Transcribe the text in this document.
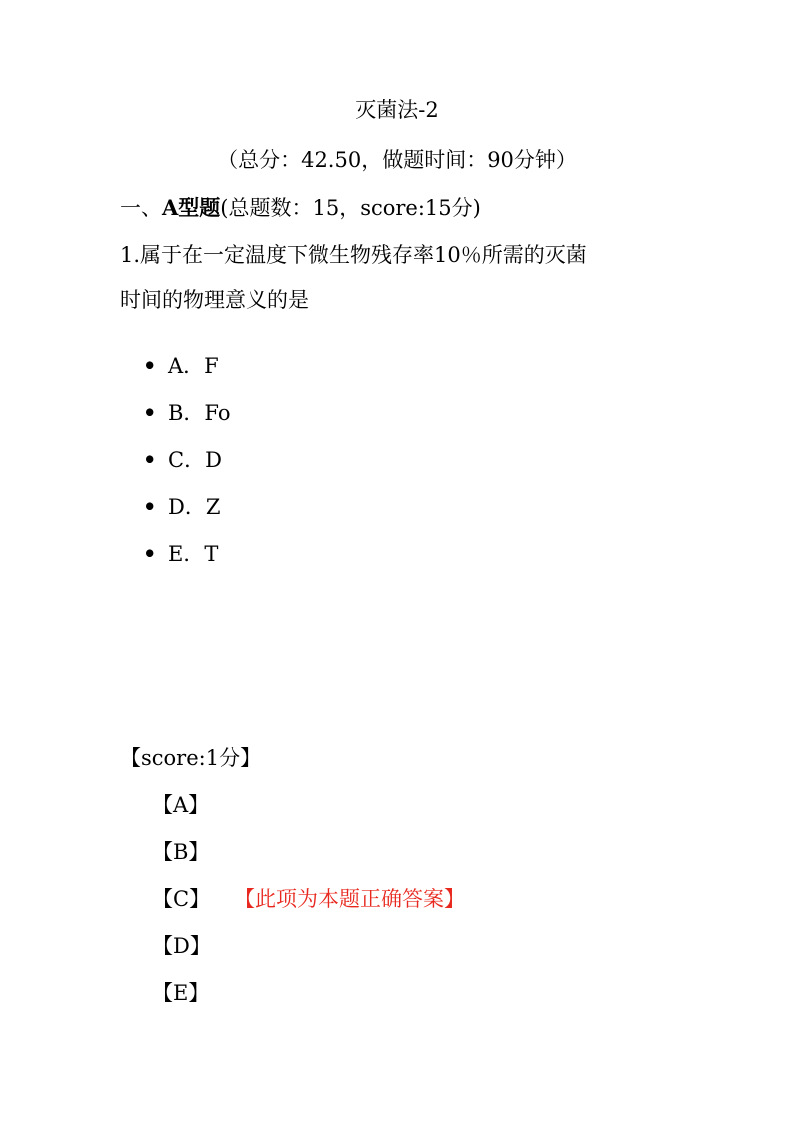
灭菌法-2
（总分：42.50，做题时间：90分钟）
一、A型题(总题数：15，score:15分)
1.属于在一定温度下微生物残存率10％所需的灭菌
时间的物理意义的是
• A．F
• B．Fo
• C．D
• D．Z
• E．T
【score:1分】
【A】
【B】
【C】 【此项为本题正确答案】
【D】
【E】
